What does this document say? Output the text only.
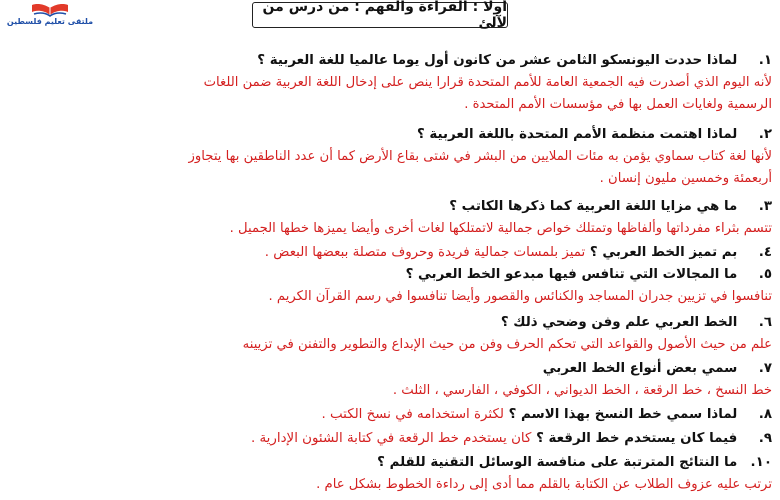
ملتقى تعليم فلسطين
أولا : القراءة والفهم : من درس من لآلئ
١. لماذا حددت اليونسكو الثامن عشر من كانون أول يوما عالميا للغة العربية ؟
لأنه اليوم الذي أصدرت فيه الجمعية العامة للأمم المتحدة قرارا ينص على إدخال اللغة العربية ضمن اللغات
الرسمية ولغايات العمل بها في مؤسسات الأمم المتحدة .
٢. لماذا اهتمت منظمة الأمم المتحدة باللغة العربية ؟
لأنها لغة كتاب سماوي يؤمن به مئات الملايين من البشر في شتى بقاع الأرض كما أن عدد الناطقين بها يتجاوز
أربعمئة وخمسين مليون إنسان .
٣. ما هي مزايا اللغة العربية كما ذكرها الكاتب ؟
تتسم بثراء مفرداتها وألفاظها وتمتلك خواص جمالية لاتمتلكها لغات أخرى وأيضا يميزها خطها الجميل .
٤. بم تميز الخط العربي ؟ تميز بلمسات جمالية فريدة وحروف متصلة ببعضها البعض .
٥. ما المجالات التي تنافس فيها مبدعو الخط العربي ؟
تنافسوا في تزيين جدران المساجد والكنائس والقصور وأيضا تنافسوا في رسم القرآن الكريم .
٦. الخط العربي علم وفن وضحي ذلك ؟
علم من حيث الأصول والقواعد التي تحكم الحرف وفن من حيث الإبداع والتطوير والتفنن في تزيينه
٧. سمي بعض أنواع الخط العربي
خط النسخ ، خط الرقعة ، الخط الديواني ، الكوفي ، الفارسي ، الثلث .
٨. لماذا سمي خط النسخ بهذا الاسم ؟ لكثرة استخدامه في نسخ الكتب .
٩. فيما كان يستخدم خط الرقعة ؟ كان يستخدم خط الرقعة في كتابة الشئون الإدارية .
١٠. ما النتائج المترتبة على منافسة الوسائل التقنية للقلم ؟
ترتب عليه عزوف الطلاب عن الكتابة بالقلم مما أدى إلى رداءة الخطوط بشكل عام .
